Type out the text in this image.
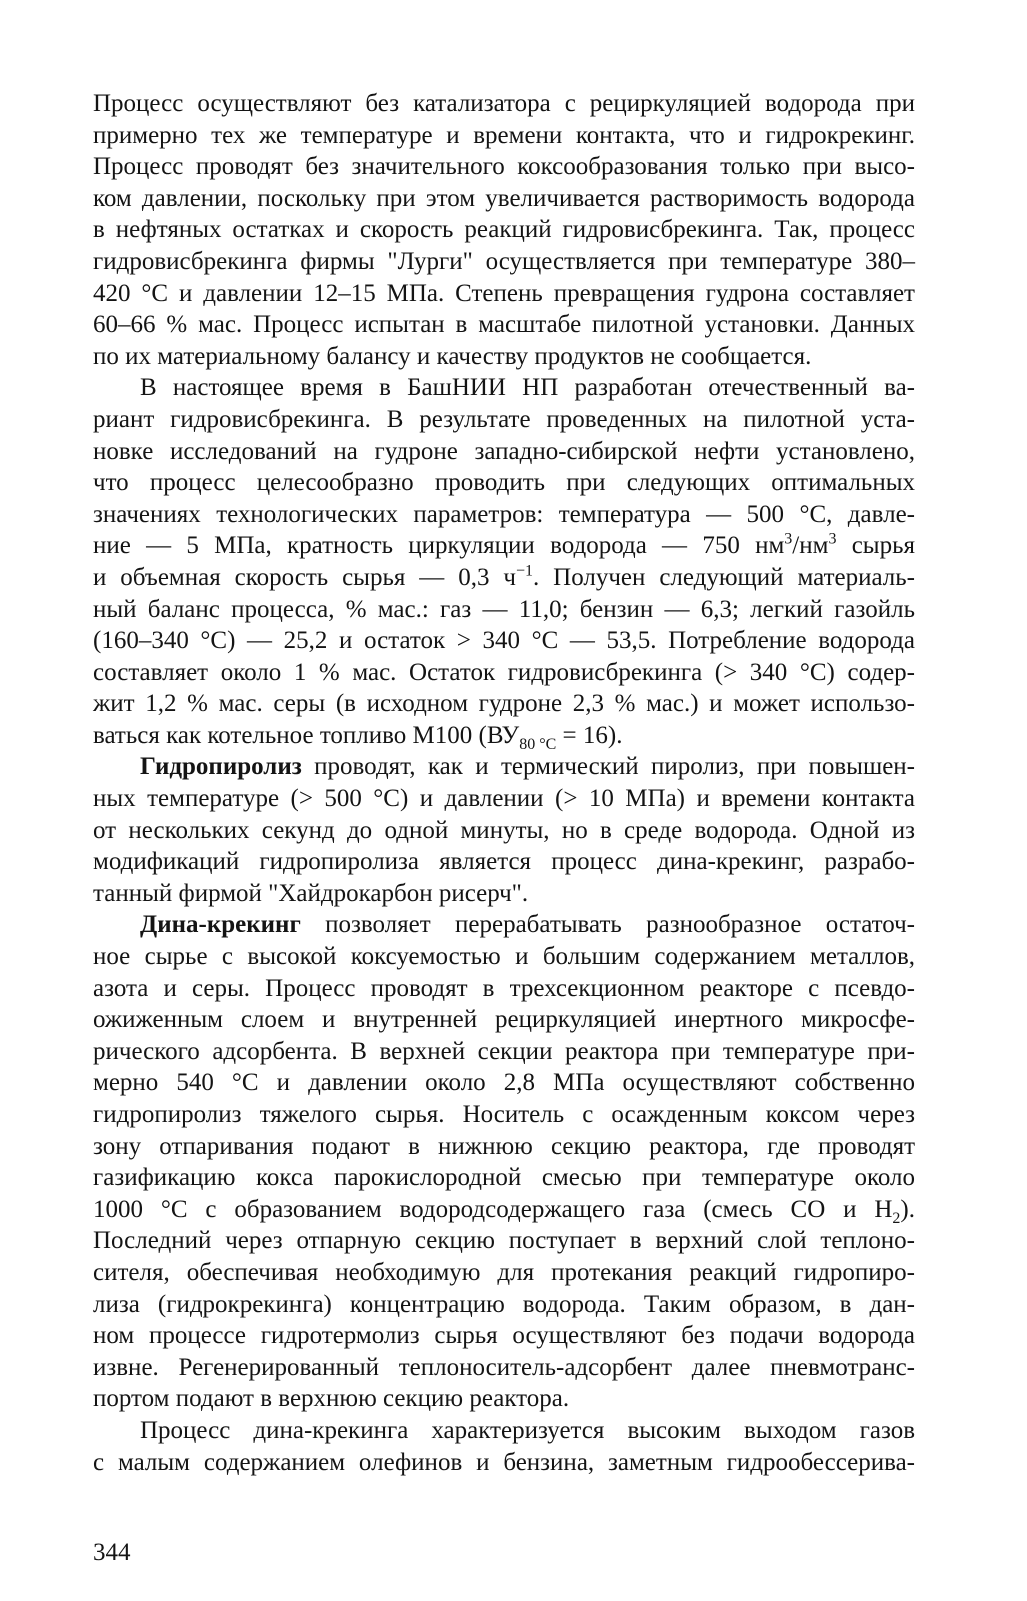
Процесс осуществляют без катализатора с рециркуляцией водорода при
примерно тех же температуре и времени контакта, что и гидрокрекинг.
Процесс проводят без значительного коксообразования только при высо-
ком давлении, поскольку при этом увеличивается растворимость водорода
в нефтяных остатках и скорость реакций гидровисбрекинга. Так, процесс
гидровисбрекинга фирмы "Лурги" осуществляется при температуре 380–
420 °С и давлении 12–15 МПа. Степень превращения гудрона составляет
60–66 % мас. Процесс испытан в масштабе пилотной установки. Данных
по их материальному балансу и качеству продуктов не сообщается.
В настоящее время в БашНИИ НП разработан отечественный ва-
риант гидровисбрекинга. В результате проведенных на пилотной уста-
новке исследований на гудроне западно-сибирской нефти установлено,
что процесс целесообразно проводить при следующих оптимальных
значениях технологических параметров: температура — 500 °С, давле-
ние — 5 МПа, кратность циркуляции водорода — 750 $нм^3/нм^3$ сырья
и объемная скорость сырья — 0,3 $ч^{-1}$. Получен следующий материаль-
ный баланс процесса, % мас.: газ — 11,0; бензин — 6,3; легкий газойль
(160–340 °С) — 25,2 и остаток > 340 °С — 53,5. Потребление водорода
составляет около 1 % мас. Остаток гидровисбрекинга (> 340 °С) содер-
жит 1,2 % мас. серы (в исходном гудроне 2,3 % мас.) и может использо-
ваться как котельное топливо М100 $(ВУ_{80 ^\circ С} = 16)$.
Гидропиролиз проводят, как и термический пиролиз, при повышен-
ных температуре (> 500 °С) и давлении (> 10 МПа) и времени контакта
от нескольких секунд до одной минуты, но в среде водорода. Одной из
модификаций гидропиролиза является процесс дина-крекинг, разрабо-
танный фирмой "Хайдрокарбон рисерч".
Дина-крекинг позволяет перерабатывать разнообразное остаточ-
ное сырье с высокой коксуемостью и большим содержанием металлов,
азота и серы. Процесс проводят в трехсекционном реакторе с псевдо-
ожиженным слоем и внутренней рециркуляцией инертного микросфе-
рического адсорбента. В верхней секции реактора при температуре при-
мерно 540 °С и давлении около 2,8 МПа осуществляют собственно
гидропиролиз тяжелого сырья. Носитель с осажденным коксом через
зону отпаривания подают в нижнюю секцию реактора, где проводят
газификацию кокса парокислородной смесью при температуре около
1000 °С с образованием водородсодержащего газа (смесь СО и $Н_2$).
Последний через отпарную секцию поступает в верхний слой теплоно-
сителя, обеспечивая необходимую для протекания реакций гидропиро-
лиза (гидрокрекинга) концентрацию водорода. Таким образом, в дан-
ном процессе гидротермолиз сырья осуществляют без подачи водорода
извне. Регенерированный теплоноситель-адсорбент далее пневмотранс-
портом подают в верхнюю секцию реактора.
Процесс дина-крекинга характеризуется высоким выходом газов
с малым содержанием олефинов и бензина, заметным гидрообессерива-
344
